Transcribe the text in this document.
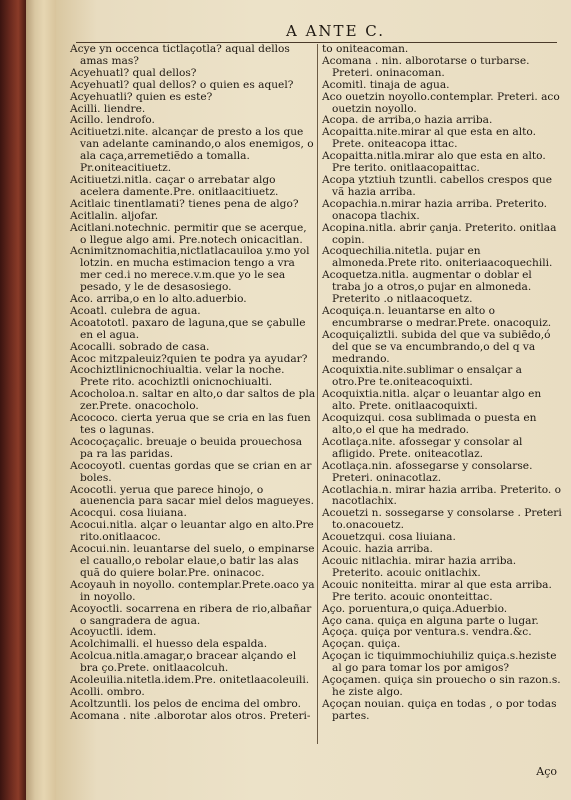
A ANTE C.

Acye yn occenca tictlaçotla? aqual dellos amas mas?

Acyehuatl? qual dellos?

Acyehuatl? qual dellos? o quien es aquel?

Acyehuatli? quien es este?

Acilli. liendre.

Acillo. lendrofo.

Acitiuetzi.nite. alcançar de presto a los que van adelante caminando,o alos enemigos, o ala caça,arremetiẽdo a tomalla. Pr.oniteacitiuetz.

Acitiuetzi.nitla. caçar o arrebatar algo acelera damente.Pre. onitlaacitiuetz.

Acitlaic tinentlamati? tienes pena de algo?

Acitlalin. aljofar.

Acitlani.notechnic. permitir que se acerque, o llegue algo ami. Pre.notech onicacitlan.

Acnimitznomachitia,nictlatlacauiloa y.mo yol lotzin. en mucha estimacion tengo a vra mer ced.i no merece.v.m.que yo le sea pesado, y le de desasosiego.

Aco. arriba,o en lo alto.aduerbio.

Acoatl. culebra de agua.

Acoatototl. paxaro de laguna,que se çabulle en el agua.

Acocalli. sobrado de casa.

Acoc mitzpaleuiz?quien te podra ya ayudar?

Acochiztlinicnochiualtia. velar la noche. Prete rito. acochiztli onicnochiualti.

Acocholoa.n. saltar en alto,o dar saltos de pla zer.Prete. onacocholo.

Acococo. cierta yerua que se cria en las fuen tes o lagunas.

Acocoçaçalic. breuaje o beuida prouechosa pa ra las paridas.

Acocoyotl. cuentas gordas que se crian en ar boles.

Acocotli. yerua que parece hinojo, o auenencia para sacar miel delos magueyes.

Acocqui. cosa liuiana.

Acocui.nitla. alçar o leuantar algo en alto.Pre rito.onitlaacoc.

Acocui.nin. leuantarse del suelo, o empinarse el cauallo,o rebolar elaue,o batir las alas quã do quiere bolar.Pre. oninacoc.

Acoyauh in noyollo. contemplar.Prete.oaco ya in noyollo.

Acoyoctli. socarrena en ribera de rio,albañar o sangradera de agua.

Acoyuctli. idem.

Acolchimalli. el huesso dela espalda.

Acolcua.nitla.amagar,o bracear alçando el bra ço.Prete. onitlaacolcuh.

Acoleuilia.nitetla.idem.Pre. onitetlaacoleuili.

Acolli. ombro.

Acoltzuntli. los pelos de encima del ombro.

Acomana . nite .alborotar alos otros. Preteri-

to oniteacoman.

Acomana . nin. alborotarse o turbarse. Preteri. oninacoman.

Acomitl. tinaja de agua.

Aco ouetzin noyollo.contemplar. Preteri. aco ouetzin noyollo.

Acopa. de arriba,o hazia arriba.

Acopaitta.nite.mirar al que esta en alto. Prete. oniteacopa ittac.

Acopaitta.nitla.mirar alo que esta en alto. Pre terito. onitlaacopaittac.

Acopa ytztiuh tzuntli. cabellos crespos que vã hazia arriba.

Acopachia.n.mirar hazia arriba. Preterito. onacopa tlachix.

Acopina.nitla. abrir çanja. Preterito. onitlaa copin.

Acoquechilia.nitetla. pujar en almoneda.Prete rito. oniteriaacoquechili.

Acoquetza.nitla. augmentar o doblar el traba jo a otros,o pujar en almoneda. Preterito .o nitlaacoquetz.

Acoquiça.n. leuantarse en alto o encumbrarse o medrar.Prete. onacoquiz.

Acoquiçaliztli. subida del que va subiẽdo,ó del que se va encumbrando,o del q va medrando.

Acoquixtia.nite.sublimar o ensalçar a otro.Pre te.oniteacoquixti.

Acoquixtia.nitla. alçar o leuantar algo en alto. Prete. onitlaacoquixti.

Acoquizqui. cosa sublimada o puesta en alto,o el que ha medrado.

Acotlaça.nite. afossegar y consolar al afligido. Prete. oniteacotlaz.

Acotlaça.nin. afossegarse y consolarse. Preteri. oninacotlaz.

Acotlachia.n. mirar hazia arriba. Preterito. o nacotlachix.

Acouetzi n. sossegarse y consolarse . Preteri to.onacouetz.

Acouetzqui. cosa liuiana.

Acouic. hazia arriba.

Acouic nitlachia. mirar hazia arriba. Preterito. acouic onitlachix.

Acouic noniteitta. mirar al que esta arriba. Pre terito. acouic ononteittac.

Aço. poruentura,o quiça.Aduerbio.

Aço cana. quiça en alguna parte o lugar.

Açoça. quiça por ventura.s. vendra.&c.

Açoçan. quiça.

Açoçan ic tiquimmochiuhiliz quiça.s.heziste al go para tomar los por amigos?

Açoçamen. quiça sin prouecho o sin razon.s. he ziste algo.

Açoçan nouian. quiça en todas , o por todas partes.

Aço
